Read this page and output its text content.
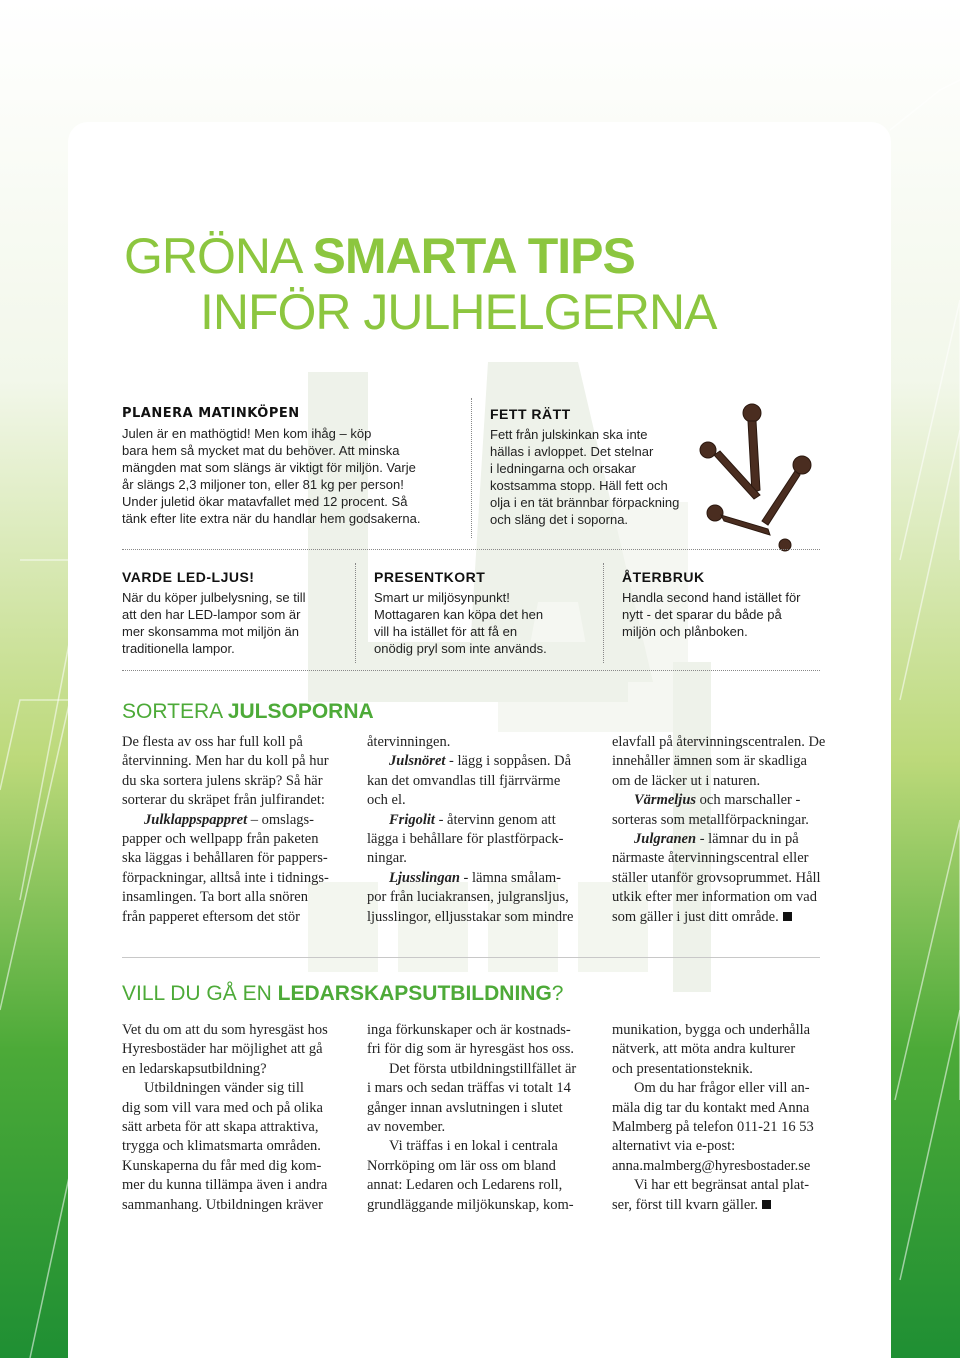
GRÖNA SMARTA TIPS
INFÖR JULHELGERNA
PLANERA MATINKÖPEN

Julen är en mathögtid! Men kom ihåg – köp
bara hem så mycket mat du behöver. Att minska
mängden mat som slängs är viktigt för miljön. Varje
år slängs 2,3 miljoner ton, eller 81 kg per person!
Under juletid ökar matavfallet med 12 procent. Så
tänk efter lite extra när du handlar hem godsakerna.

FETT RÄTT

Fett från julskinkan ska inte
hällas i avloppet. Det stelnar
i ledningarna och orsakar
kostsamma stopp. Häll fett och
olja i en tät brännbar förpackning
och släng det i soporna.

VARDE LED-LJUS!

När du köper julbelysning, se till
att den har LED-lampor som är
mer skonsamma mot miljön än
traditionella lampor.

PRESENTKORT

Smart ur miljösynpunkt!
Mottagaren kan köpa det hen
vill ha istället för att få en
onödig pryl som inte används.

ÅTERBRUK

Handla second hand istället för
nytt - det sparar du både på
miljön och plånboken.

SORTERA JULSOPORNA

De flesta av oss har full koll på
återvinning. Men har du koll på hur
du ska sortera julens skräp? Så här
sorterar du skräpet från julfirandet:
Julklappspappret – omslags-
papper och wellpapp från paketen
ska läggas i behållaren för pappers-
förpackningar, alltså inte i tidnings-
insamlingen. Ta bort alla snören
från papperet eftersom det stör

återvinningen.
Julsnöret - lägg i soppåsen. Då
kan det omvandlas till fjärrvärme
och el.
Frigolit - återvinn genom att
lägga i behållare för plastförpack-
ningar.
Ljusslingan - lämna smålam-
por från luciakransen, julgransljus,
ljusslingor, elljusstakar som mindre

elavfall på återvinningscentralen. De
innehåller ämnen som är skadliga
om de läcker ut i naturen.
Värmeljus och marschaller -
sorteras som metallförpackningar.
Julgranen - lämnar du in på
närmaste återvinningscentral eller
ställer utanför grovsoprummet. Håll
utkik efter mer information om vad
som gäller i just ditt område.

VILL DU GÅ EN LEDARSKAPSUTBILDNING?

Vet du om att du som hyresgäst hos
Hyresbostäder har möjlighet att gå
en ledarskapsutbildning?
Utbildningen vänder sig till
dig som vill vara med och på olika
sätt arbeta för att skapa attraktiva,
trygga och klimatsmarta områden.
Kunskaperna du får med dig kom-
mer du kunna tillämpa även i andra
sammanhang. Utbildningen kräver

inga förkunskaper och är kostnads-
fri för dig som är hyresgäst hos oss.
Det första utbildningstillfället är
i mars och sedan träffas vi totalt 14
gånger innan avslutningen i slutet
av november.
Vi träffas i en lokal i centrala
Norrköping om lär oss om bland
annat: Ledaren och Ledarens roll,
grundläggande miljökunskap, kom-

munikation, bygga och underhålla
nätverk, att möta andra kulturer
och presentationsteknik.
Om du har frågor eller vill an-
mäla dig tar du kontakt med Anna
Malmberg på telefon 011-21 16 53
alternativt via e-post:
anna.malmberg@hyresbostader.se
Vi har ett begränsat antal plat-
ser, först till kvarn gäller.
